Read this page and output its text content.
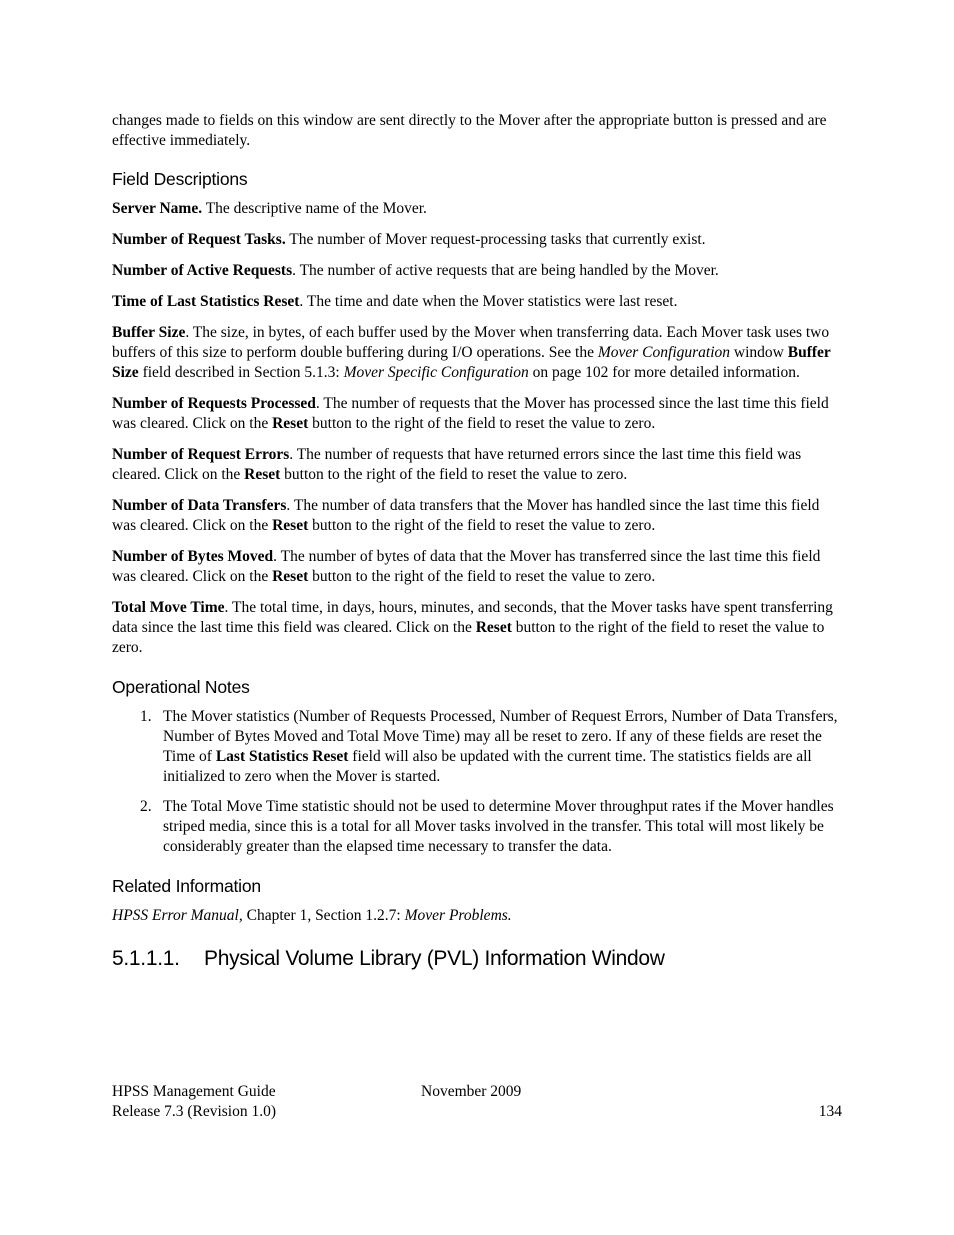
changes made to fields on this window are sent directly to the Mover after the appropriate button is pressed and are effective immediately.

Field Descriptions

Server Name. The descriptive name of the Mover.

Number of Request Tasks. The number of Mover request-processing tasks that currently exist.

Number of Active Requests. The number of active requests that are being handled by the Mover.

Time of Last Statistics Reset. The time and date when the Mover statistics were last reset.

Buffer Size. The size, in bytes, of each buffer used by the Mover when transferring data. Each Mover task uses two buffers of this size to perform double buffering during I/O operations. See the Mover Configuration window Buffer Size field described in Section 5.1.3: Mover Specific Configuration on page 102 for more detailed information.

Number of Requests Processed. The number of requests that the Mover has processed since the last time this field was cleared. Click on the Reset button to the right of the field to reset the value to zero.

Number of Request Errors. The number of requests that have returned errors since the last time this field was cleared. Click on the Reset button to the right of the field to reset the value to zero.

Number of Data Transfers. The number of data transfers that the Mover has handled since the last time this field was cleared. Click on the Reset button to the right of the field to reset the value to zero.

Number of Bytes Moved. The number of bytes of data that the Mover has transferred since the last time this field was cleared. Click on the Reset button to the right of the field to reset the value to zero.

Total Move Time. The total time, in days, hours, minutes, and seconds, that the Mover tasks have spent transferring data since the last time this field was cleared. Click on the Reset button to the right of the field to reset the value to zero.

Operational Notes
1. The Mover statistics (Number of Requests Processed, Number of Request Errors, Number of Data Transfers, Number of Bytes Moved and Total Move Time) may all be reset to zero. If any of these fields are reset the Time of Last Statistics Reset field will also be updated with the current time. The statistics fields are all initialized to zero when the Mover is started.
2. The Total Move Time statistic should not be used to determine Mover throughput rates if the Mover handles striped media, since this is a total for all Mover tasks involved in the transfer. This total will most likely be considerably greater than the elapsed time necessary to transfer the data.
Related Information

HPSS Error Manual, Chapter 1, Section 1.2.7: Mover Problems.

5.1.1.1. Physical Volume Library (PVL) Information Window
HPSS Management Guide	November 2009
Release 7.3 (Revision 1.0)	134
